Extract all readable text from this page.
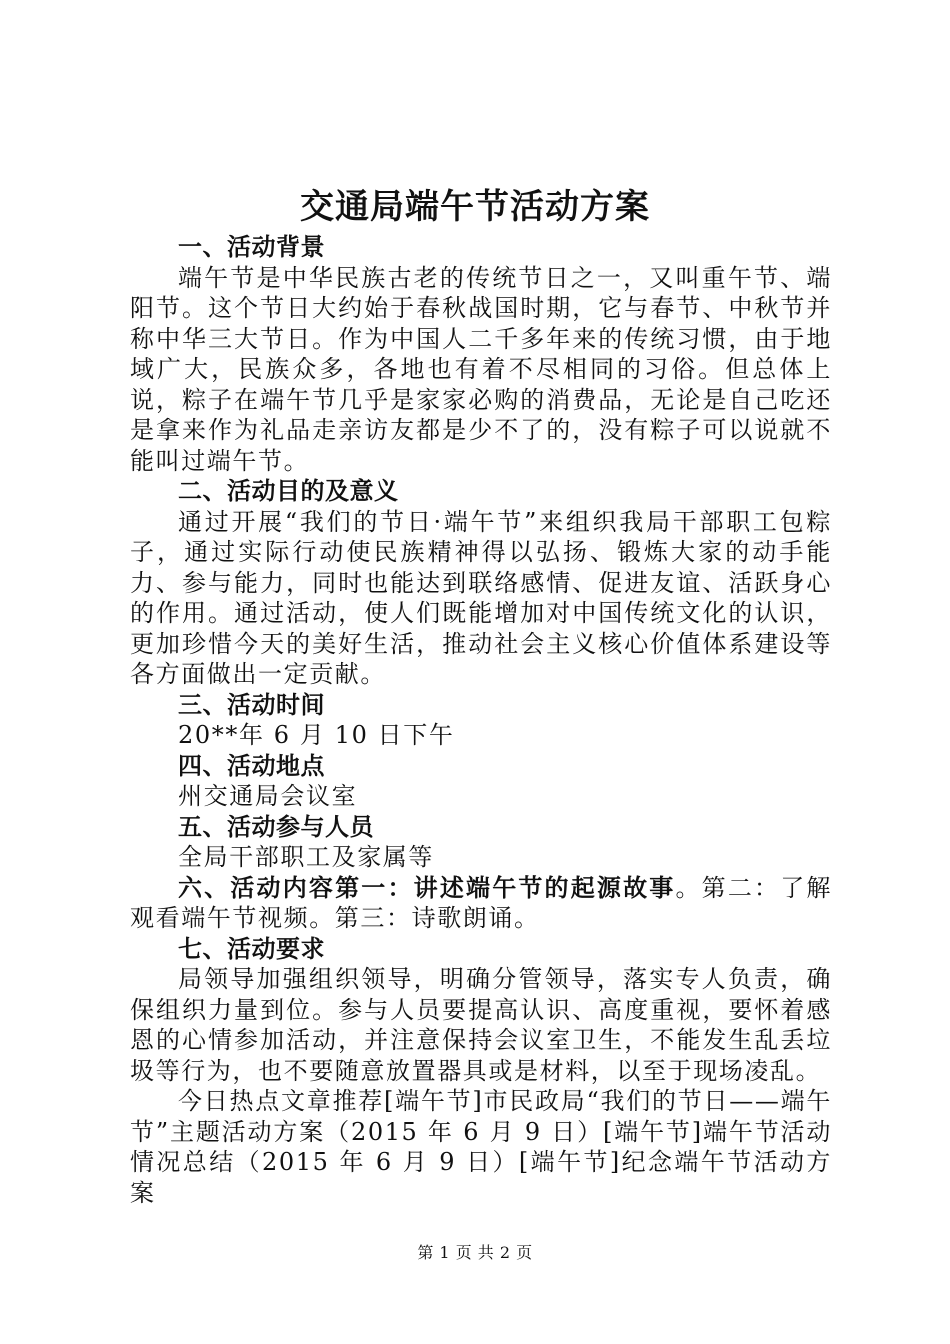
交通局端午节活动方案
一、活动背景
端午节是中华民族古老的传统节日之一，又叫重午节、端阳节。这个节日大约始于春秋战国时期，它与春节、中秋节并称中华三大节日。作为中国人二千多年来的传统习惯，由于地域广大，民族众多，各地也有着不尽相同的习俗。但总体上说，粽子在端午节几乎是家家必购的消费品，无论是自己吃还是拿来作为礼品走亲访友都是少不了的，没有粽子可以说就不能叫过端午节。
二、活动目的及意义
通过开展“我们的节日·端午节”来组织我局干部职工包粽子，通过实际行动使民族精神得以弘扬、锻炼大家的动手能力、参与能力，同时也能达到联络感情、促进友谊、活跃身心的作用。通过活动，使人们既能增加对中国传统文化的认识，更加珍惜今天的美好生活，推动社会主义核心价值体系建设等各方面做出一定贡献。
三、活动时间
20**年 6 月 10 日下午
四、活动地点
州交通局会议室
五、活动参与人员
全局干部职工及家属等
六、活动内容第一：讲述端午节的起源故事。第二：了解观看端午节视频。第三：诗歌朗诵。
七、活动要求
局领导加强组织领导，明确分管领导，落实专人负责，确保组织力量到位。参与人员要提高认识、高度重视，要怀着感恩的心情参加活动，并注意保持会议室卫生，不能发生乱丢垃圾等行为，也不要随意放置器具或是材料，以至于现场凌乱。
今日热点文章推荐[端午节]市民政局“我们的节日——端午节”主题活动方案（2015 年 6 月 9 日）[端午节]端午节活动情况总结（2015 年 6 月 9 日）[端午节]纪念端午节活动方案
第 1 页 共 2 页
